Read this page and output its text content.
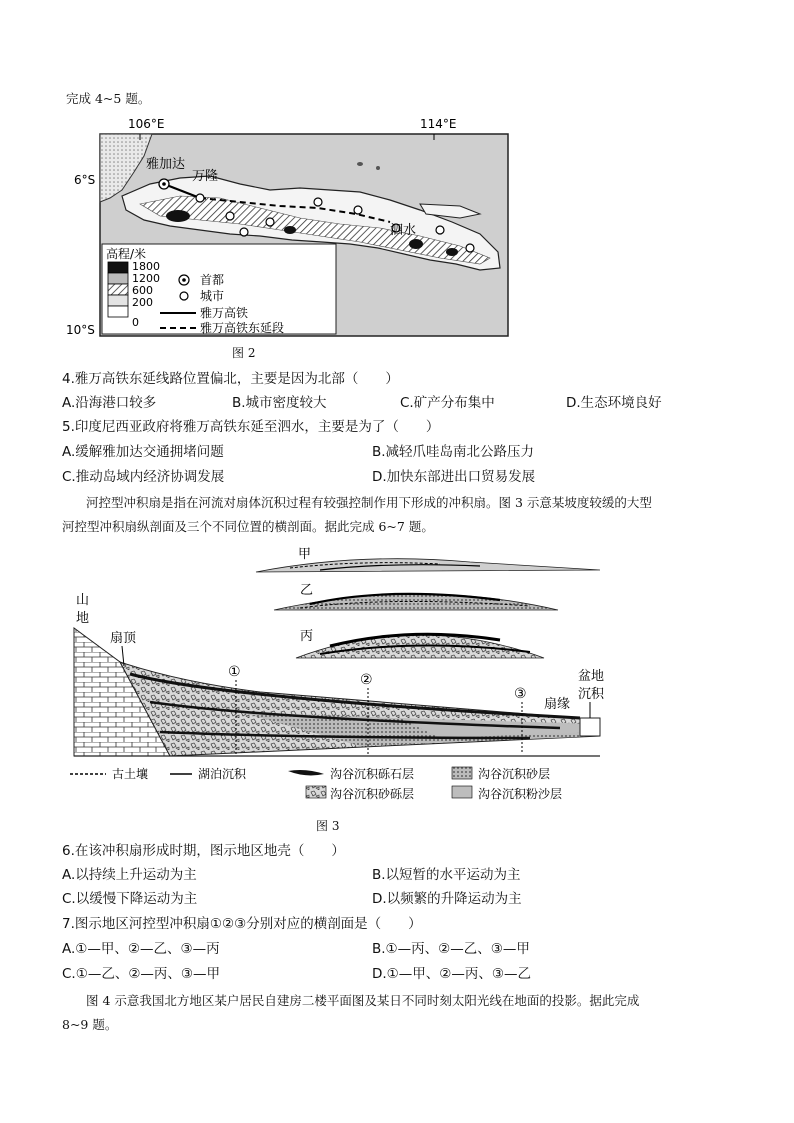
完成 4~5 题。
106°E	114°E
6°S
10°S
雅加达
万隆
泗水
高程/米
1800
1200
600
200
0
首都
城市
雅万高铁
雅万高铁东延段
图 2
4.雅万高铁东延线路位置偏北，主要是因为北部（　　）
A.沿海港口较多	B.城市密度较大	C.矿产分布集中	D.生态环境良好
5.印度尼西亚政府将雅万高铁东延至泗水，主要是为了（　　）
A.缓解雅加达交通拥堵问题	B.减轻爪哇岛南北公路压力
C.推动岛域内经济协调发展	D.加快东部进出口贸易发展
河控型冲积扇是指在河流对扇体沉积过程有较强控制作用下形成的冲积扇。图 3 示意某坡度较缓的大型
河控型冲积扇纵剖面及三个不同位置的横剖面。据此完成 6~7 题。
甲
乙
丙
山
地
扇顶
①	②
③
扇缘
盆地
沉积
古土壤	湖泊沉积	沟谷沉积砾石层	沟谷沉积砂层
沟谷沉积砂砾层	沟谷沉积粉沙层
图 3
6.在该冲积扇形成时期，图示地区地壳（　　）
A.以持续上升运动为主	B.以短暂的水平运动为主
C.以缓慢下降运动为主	D.以频繁的升降运动为主
7.图示地区河控型冲积扇①②③分别对应的横剖面是（　　）
A.①—甲、②—乙、③—丙	B.①—丙、②—乙、③—甲
C.①—乙、②—丙、③—甲	D.①—甲、②—丙、③—乙
图 4 示意我国北方地区某户居民自建房二楼平面图及某日不同时刻太阳光线在地面的投影。据此完成
8~9 题。
